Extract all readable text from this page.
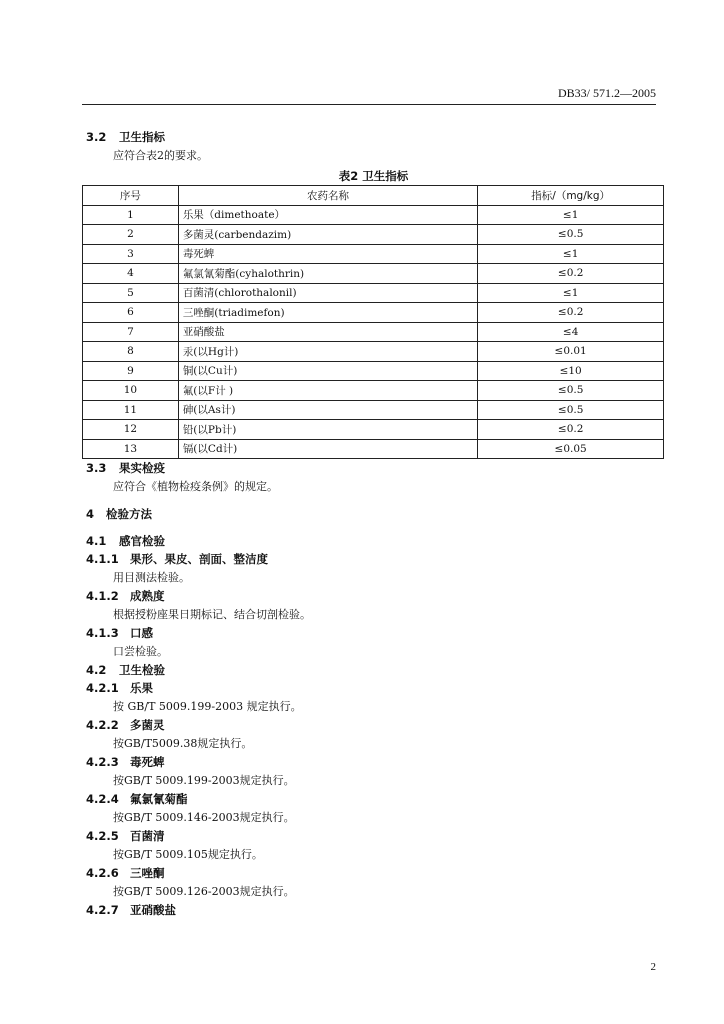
DB33/ 571.2—2005
3.2 卫生指标
应符合表2的要求。
表2 卫生指标
序号	农药名称	指标/（mg/kg）
1	乐果（dimethoate）	≤1
2	多菌灵(carbendazim)	≤0.5
3	毒死蜱	≤1
4	氟氯氰菊酯(cyhalothrin)	≤0.2
5	百菌清(chlorothalonil)	≤1
6	三唑酮(triadimefon)	≤0.2
7	亚硝酸盐	≤4
8	汞(以Hg计)	≤0.01
9	铜(以Cu计)	≤10
10	氟(以F计 )	≤0.5
11	砷(以As计)	≤0.5
12	铅(以Pb计)	≤0.2
13	镉(以Cd计)	≤0.05
3.3 果实检疫
应符合《植物检疫条例》的规定。
4 检验方法
4.1 感官检验
4.1.1 果形、果皮、剖面、整洁度
用目测法检验。
4.1.2 成熟度
根据授粉座果日期标记、结合切剖检验。
4.1.3 口感
口尝检验。
4.2 卫生检验
4.2.1 乐果
按 GB/T 5009.199-2003 规定执行。
4.2.2 多菌灵
按GB/T5009.38规定执行。
4.2.3 毒死蜱
按GB/T 5009.199-2003规定执行。
4.2.4 氟氯氰菊酯
按GB/T 5009.146-2003规定执行。
4.2.5 百菌清
按GB/T 5009.105规定执行。
4.2.6 三唑酮
按GB/T 5009.126-2003规定执行。
4.2.7 亚硝酸盐
2
